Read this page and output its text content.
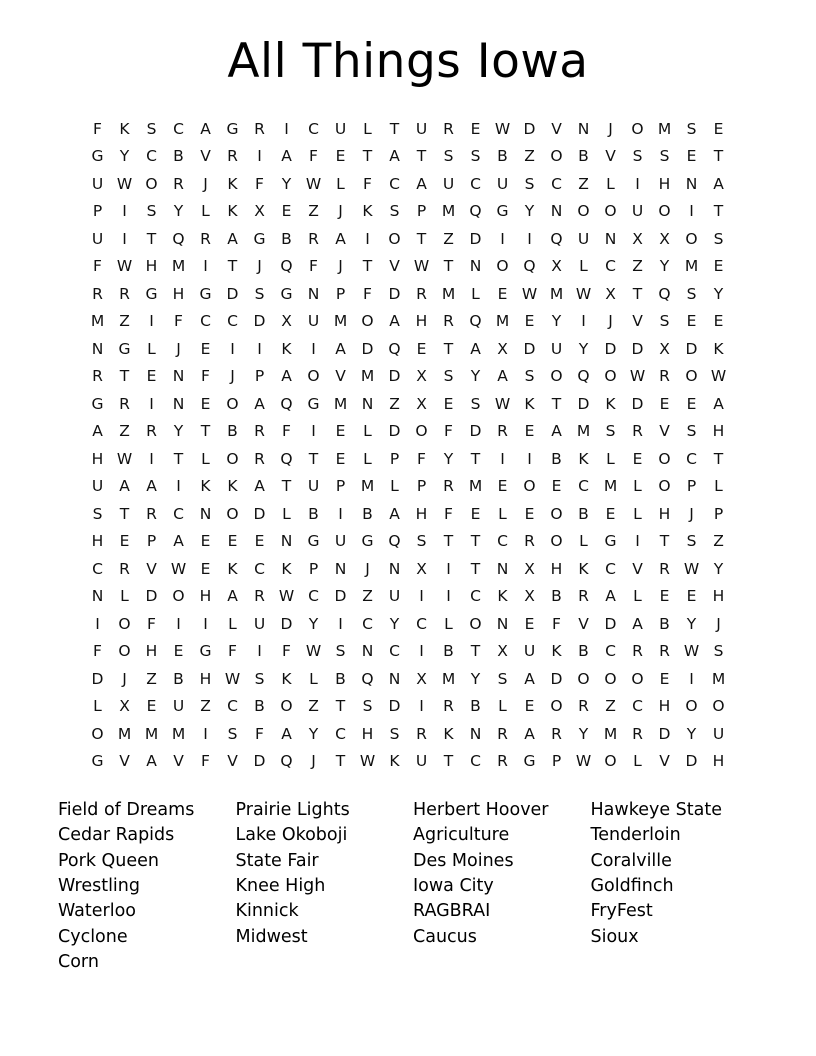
All Things Iowa
F	K	S	C	A	G	R	I	C	U	L	T	U	R	E W D	V	N	J	O M S	E
G	Y	C	B	V	R	I	A	F	E	T	A	T	S	S	B	Z	O	B	V	S	S	E	T
U W O	R	J	K	F	Y W L	F	C	A	U	C	U	S	C	Z	L	I	H N	A
P	I	S	Y	L	K	X	E	Z	J	K	S	P	M Q G	Y	N O O U O	I	T
U	I	T	Q	R	A	G	B	R	A	I	O	T	Z	D	I	I	Q U	N	X	X	O	S
F W H M	I	T	J	Q	F	J	T	V W T	N O Q	X	L	C	Z	Y	M E
R	R	G H G D	S	G N	P	F	D	R M	L	E W M W X	T	Q	S	Y
M Z	I	F	C	C	D	X	U M O	A	H	R	Q M E	Y	I	J	V	S	E	E
N G	L	J	E	I	I	K	I	A	D Q	E	T	A	X	D U	Y	D D	X	D	K
R	T	E	N	F	J	P	A	O	V M D	X	S	Y	A	S	O Q O W R	O W
G	R	I	N	E	O	A	Q G M N	Z	X	E	S W K	T	D	K	D	E	E	A
A	Z	R	Y	T	B	R	F	I	E	L	D O	F	D	R	E	A M S	R	V	S	H
H W	I	T	L	O	R	Q	T	E	L	P	F	Y	T	I	I	B	K	L	E	O C	T
U	A	A	I	K	K	A	T	U	P	M	L	P	R M E	O	E	C M	L	O	P	L
S	T	R	C	N O D	L	B	I	B	A	H	F	E	L	E	O	B	E	L	H	J	P
H	E	P	A	E	E	E	N G U G Q	S	T	T	C	R	O	L	G	I	T	S	Z
C	R	V W E	K	C	K	P	N	J	N	X	I	T	N	X	H	K	C	V	R W Y
N	L	D O H	A	R W C	D	Z	U	I	I	C	K	X	B	R	A	L	E	E	H
I	O	F	I	I	L	U D	Y	I	C	Y	C	L	O N	E	F	V	D	A	B	Y	J
F	O H	E	G	F	I	F W S	N	C	I	B	T	X	U	K	B	C	R	R W S
D	J	Z	B	H W S	K	L	B	Q N	X M	Y	S	A	D O O O	E	I	M
L	X	E	U	Z	C	B	O	Z	T	S	D	I	R	B	L	E	O	R	Z	C	H O O
O M M M	I	S	F	A	Y	C	H	S	R	K	N	R	A	R	Y	M R	D	Y	U
G	V	A	V	F	V	D Q	J	T W K	U	T	C	R	G	P W O	L	V	D H
Field of Dreams
Cedar Rapids
Pork Queen
Wrestling
Waterloo
Cyclone
Corn
Prairie Lights
Lake Okoboji
State Fair
Knee High
Kinnick
Midwest
Herbert Hoover
Agriculture
Des Moines
Iowa City
RAGBRAI
Caucus
Hawkeye State
Tenderloin
Coralville
Goldfinch
FryFest
Sioux
